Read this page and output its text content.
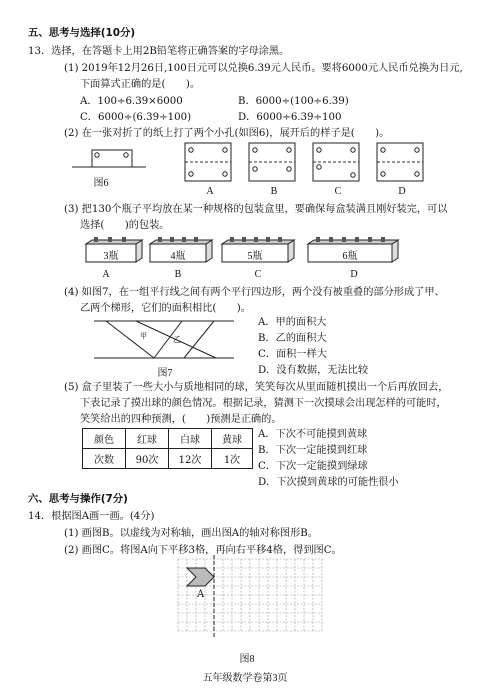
五、思考与选择(10分)
13．选择，在答题卡上用2B铅笔将正确答案的字母涂黑。
(1) 2019年12月26日,100日元可以兑换6.39元人民币。要将6000元人民币兑换为日元,
下面算式正确的是(　　)。
A．100÷6.39×6000	B．6000÷(100÷6.39)
C．6000÷(6.39÷100)	D．6000÷6.39÷100
(2) 在一张对折了的纸上打了两个小孔(如图6)，展开后的样子是(　　)。
图6
A	B	C	D
(3) 把130个瓶子平均放在某一种规格的包装盒里，要确保每盒装满且刚好装完，可以
选择(　　)的包装。
3瓶	4瓶	5瓶	6瓶
A	B	C	D
(4) 如图7，在一组平行线之间有两个平行四边形，两个没有被重叠的部分形成了甲、
乙两个梯形，它们的面积相比(　　)。
甲	乙
图7
A．甲的面积大
B．乙的面积大
C．面积一样大
D．没有数据，无法比较
(5) 盒子里装了一些大小与质地相同的球，笑笑每次从里面随机摸出一个后再放回去，
下表记录了摸出球的颜色情况。根据记录，猜测下一次摸球会出现怎样的可能时，
笑笑给出的四种预测，(　　)预测是正确的。
颜色	红球	白球	黄球
次数	90次	12次	1次
A．下次不可能摸到黄球
B．下次一定能摸到红球
C．下次一定能摸到绿球
D．下次摸到黄球的可能性很小
六、思考与操作(7分)
14．根据图A画一画。(4分)
(1) 画图B。以虚线为对称轴，画出图A的轴对称图形B。
(2) 画图C。将图A向下平移3格，再向右平移4格，得到图C。
A
图8
五年级数学卷第3页
